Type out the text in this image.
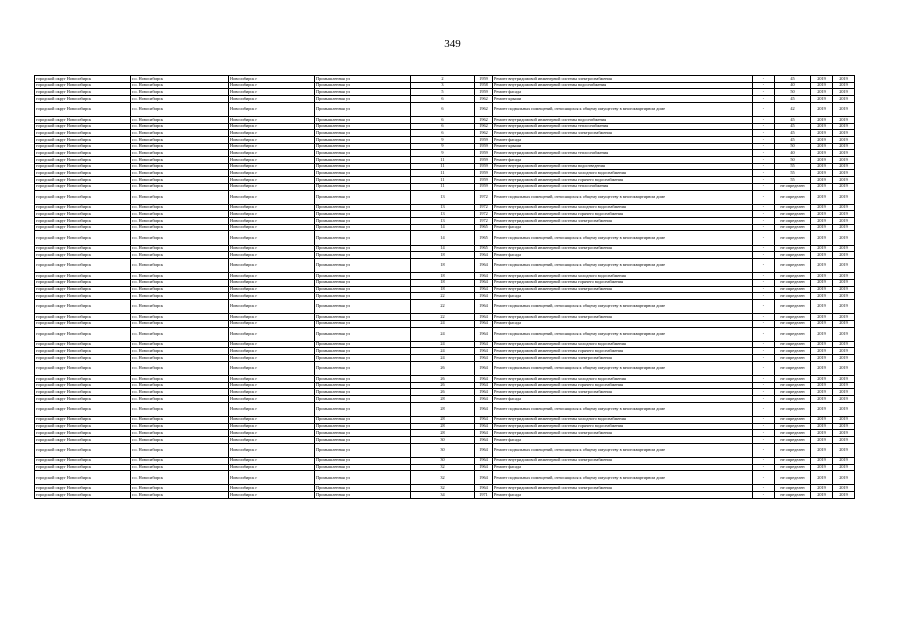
349
городской округ Новосибирск	г.о. Новосибирск	Новосибирск г	Промышленная ул	2	1959	Ремонт внутридомовой инженерной системы электроснабжения	-	45	2019	2019
городской округ Новосибирск	г.о. Новосибирск	Новосибирск г	Промышленная ул	3	1958	Ремонт внутридомовой инженерной системы водоснабжения	-	40	2019	2019
городской округ Новосибирск	г.о. Новосибирск	Новосибирск г	Промышленная ул	5	1959	Ремонт фасада	-	50	2019	2019
городской округ Новосибирск	г.о. Новосибирск	Новосибирск г	Промышленная ул	6	1962	Ремонт крыши	-	45	2019	2019
городской округ Новосибирск	г.о. Новосибирск	Новосибирск г	Промышленная ул	6	1962	Ремонт подвальных помещений, относящихся к общему имуществу в многоквартирном доме	-	42	2019	2019
городской округ Новосибирск	г.о. Новосибирск	Новосибирск г	Промышленная ул	6	1962	Ремонт внутридомовой инженерной системы водоснабжения	-	45	2019	2019
городской округ Новосибирск	г.о. Новосибирск	Новосибирск г	Промышленная ул	6	1962	Ремонт внутридомовой инженерной системы теплоснабжения	-	45	2019	2019
городской округ Новосибирск	г.о. Новосибирск	Новосибирск г	Промышленная ул	6	1962	Ремонт внутридомовой инженерной системы электроснабжения	-	45	2019	2019
городской округ Новосибирск	г.о. Новосибирск	Новосибирск г	Промышленная ул	9	1959	Ремонт фасада	-	45	2019	2019
городской округ Новосибирск	г.о. Новосибирск	Новосибирск г	Промышленная ул	9	1959	Ремонт крыши	-	50	2019	2019
городской округ Новосибирск	г.о. Новосибирск	Новосибирск г	Промышленная ул	9	1959	Ремонт внутридомовой инженерной системы теплоснабжения	-	40	2019	2019
городской округ Новосибирск	г.о. Новосибирск	Новосибирск г	Промышленная ул	11	1959	Ремонт фасада	-	50	2019	2019
городской округ Новосибирск	г.о. Новосибирск	Новосибирск г	Промышленная ул	11	1959	Ремонт внутридомовой инженерной системы водоотведения	-	55	2019	2019
городской округ Новосибирск	г.о. Новосибирск	Новосибирск г	Промышленная ул	11	1959	Ремонт внутридомовой инженерной системы холодного водоснабжения	-	55	2019	2019
городской округ Новосибирск	г.о. Новосибирск	Новосибирск г	Промышленная ул	11	1959	Ремонт внутридомовой инженерной системы горячего водоснабжения	-	55	2019	2019
городской округ Новосибирск	г.о. Новосибирск	Новосибирск г	Промышленная ул	11	1959	Ремонт внутридомовой инженерной системы теплоснабжения	-	не определен	2019	2019
городской округ Новосибирск	г.о. Новосибирск	Новосибирск г	Промышленная ул	13	1972	Ремонт подвальных помещений, относящихся к общему имуществу в многоквартирном доме	-	не определен	2019	2019
городской округ Новосибирск	г.о. Новосибирск	Новосибирск г	Промышленная ул	13	1972	Ремонт внутридомовой инженерной системы холодного водоснабжения	-	не определен	2019	2019
городской округ Новосибирск	г.о. Новосибирск	Новосибирск г	Промышленная ул	13	1972	Ремонт внутридомовой инженерной системы горячего водоснабжения	-	не определен	2019	2019
городской округ Новосибирск	г.о. Новосибирск	Новосибирск г	Промышленная ул	13	1972	Ремонт внутридомовой инженерной системы электроснабжения	-	не определен	2019	2019
городской округ Новосибирск	г.о. Новосибирск	Новосибирск г	Промышленная ул	14	1965	Ремонт фасада	-	не определен	2019	2019
городской округ Новосибирск	г.о. Новосибирск	Новосибирск г	Промышленная ул	14	1965	Ремонт подвальных помещений, относящихся к общему имуществу в многоквартирном доме	-	не определен	2019	2019
городской округ Новосибирск	г.о. Новосибирск	Новосибирск г	Промышленная ул	14	1965	Ремонт внутридомовой инженерной системы электроснабжения	-	не определен	2019	2019
городской округ Новосибирск	г.о. Новосибирск	Новосибирск г	Промышленная ул	18	1964	Ремонт фасада	-	не определен	2019	2019
городской округ Новосибирск	г.о. Новосибирск	Новосибирск г	Промышленная ул	18	1964	Ремонт подвальных помещений, относящихся к общему имуществу в многоквартирном доме	-	не определен	2019	2019
городской округ Новосибирск	г.о. Новосибирск	Новосибирск г	Промышленная ул	18	1964	Ремонт внутридомовой инженерной системы холодного водоснабжения	-	не определен	2019	2019
городской округ Новосибирск	г.о. Новосибирск	Новосибирск г	Промышленная ул	18	1964	Ремонт внутридомовой инженерной системы горячего водоснабжения	-	не определен	2019	2019
городской округ Новосибирск	г.о. Новосибирск	Новосибирск г	Промышленная ул	18	1964	Ремонт внутридомовой инженерной системы электроснабжения	-	не определен	2019	2019
городской округ Новосибирск	г.о. Новосибирск	Новосибирск г	Промышленная ул	22	1964	Ремонт фасада	-	не определен	2019	2019
городской округ Новосибирск	г.о. Новосибирск	Новосибирск г	Промышленная ул	22	1964	Ремонт подвальных помещений, относящихся к общему имуществу в многоквартирном доме	-	не определен	2019	2019
городской округ Новосибирск	г.о. Новосибирск	Новосибирск г	Промышленная ул	22	1964	Ремонт внутридомовой инженерной системы электроснабжения	-	не определен	2019	2019
городской округ Новосибирск	г.о. Новосибирск	Новосибирск г	Промышленная ул	24	1964	Ремонт фасада	-	не определен	2019	2019
городской округ Новосибирск	г.о. Новосибирск	Новосибирск г	Промышленная ул	24	1964	Ремонт подвальных помещений, относящихся к общему имуществу в многоквартирном доме	-	не определен	2019	2019
городской округ Новосибирск	г.о. Новосибирск	Новосибирск г	Промышленная ул	24	1964	Ремонт внутридомовой инженерной системы холодного водоснабжения	-	не определен	2019	2019
городской округ Новосибирск	г.о. Новосибирск	Новосибирск г	Промышленная ул	24	1964	Ремонт внутридомовой инженерной системы горячего водоснабжения	-	не определен	2019	2019
городской округ Новосибирск	г.о. Новосибирск	Новосибирск г	Промышленная ул	24	1964	Ремонт внутридомовой инженерной системы электроснабжения	-	не определен	2019	2019
городской округ Новосибирск	г.о. Новосибирск	Новосибирск г	Промышленная ул	26	1964	Ремонт подвальных помещений, относящихся к общему имуществу в многоквартирном доме	-	не определен	2019	2019
городской округ Новосибирск	г.о. Новосибирск	Новосибирск г	Промышленная ул	26	1964	Ремонт внутридомовой инженерной системы холодного водоснабжения	-	не определен	2019	2019
городской округ Новосибирск	г.о. Новосибирск	Новосибирск г	Промышленная ул	26	1964	Ремонт внутридомовой инженерной системы горячего водоснабжения	-	не определен	2019	2019
городской округ Новосибирск	г.о. Новосибирск	Новосибирск г	Промышленная ул	26	1964	Ремонт внутридомовой инженерной системы электроснабжения	-	не определен	2019	2019
городской округ Новосибирск	г.о. Новосибирск	Новосибирск г	Промышленная ул	28	1964	Ремонт фасада	-	не определен	2019	2019
городской округ Новосибирск	г.о. Новосибирск	Новосибирск г	Промышленная ул	28	1964	Ремонт подвальных помещений, относящихся к общему имуществу в многоквартирном доме	-	не определен	2019	2019
городской округ Новосибирск	г.о. Новосибирск	Новосибирск г	Промышленная ул	28	1964	Ремонт внутридомовой инженерной системы холодного водоснабжения	-	не определен	2019	2019
городской округ Новосибирск	г.о. Новосибирск	Новосибирск г	Промышленная ул	28	1964	Ремонт внутридомовой инженерной системы горячего водоснабжения	-	не определен	2019	2019
городской округ Новосибирск	г.о. Новосибирск	Новосибирск г	Промышленная ул	28	1964	Ремонт внутридомовой инженерной системы электроснабжения	-	не определен	2019	2019
городской округ Новосибирск	г.о. Новосибирск	Новосибирск г	Промышленная ул	30	1964	Ремонт фасада	-	не определен	2019	2019
городской округ Новосибирск	г.о. Новосибирск	Новосибирск г	Промышленная ул	30	1964	Ремонт подвальных помещений, относящихся к общему имуществу в многоквартирном доме	-	не определен	2019	2019
городской округ Новосибирск	г.о. Новосибирск	Новосибирск г	Промышленная ул	30	1964	Ремонт внутридомовой инженерной системы электроснабжения	-	не определен	2019	2019
городской округ Новосибирск	г.о. Новосибирск	Новосибирск г	Промышленная ул	32	1964	Ремонт фасада	-	не определен	2019	2019
городской округ Новосибирск	г.о. Новосибирск	Новосибирск г	Промышленная ул	32	1964	Ремонт подвальных помещений, относящихся к общему имуществу в многоквартирном доме	-	не определен	2019	2019
городской округ Новосибирск	г.о. Новосибирск	Новосибирск г	Промышленная ул	32	1964	Ремонт внутридомовой инженерной системы электроснабжения	-	не определен	2019	2019
городской округ Новосибирск	г.о. Новосибирск	Новосибирск г	Промышленная ул	34	1971	Ремонт фасада	-	не определен	2019	2019
